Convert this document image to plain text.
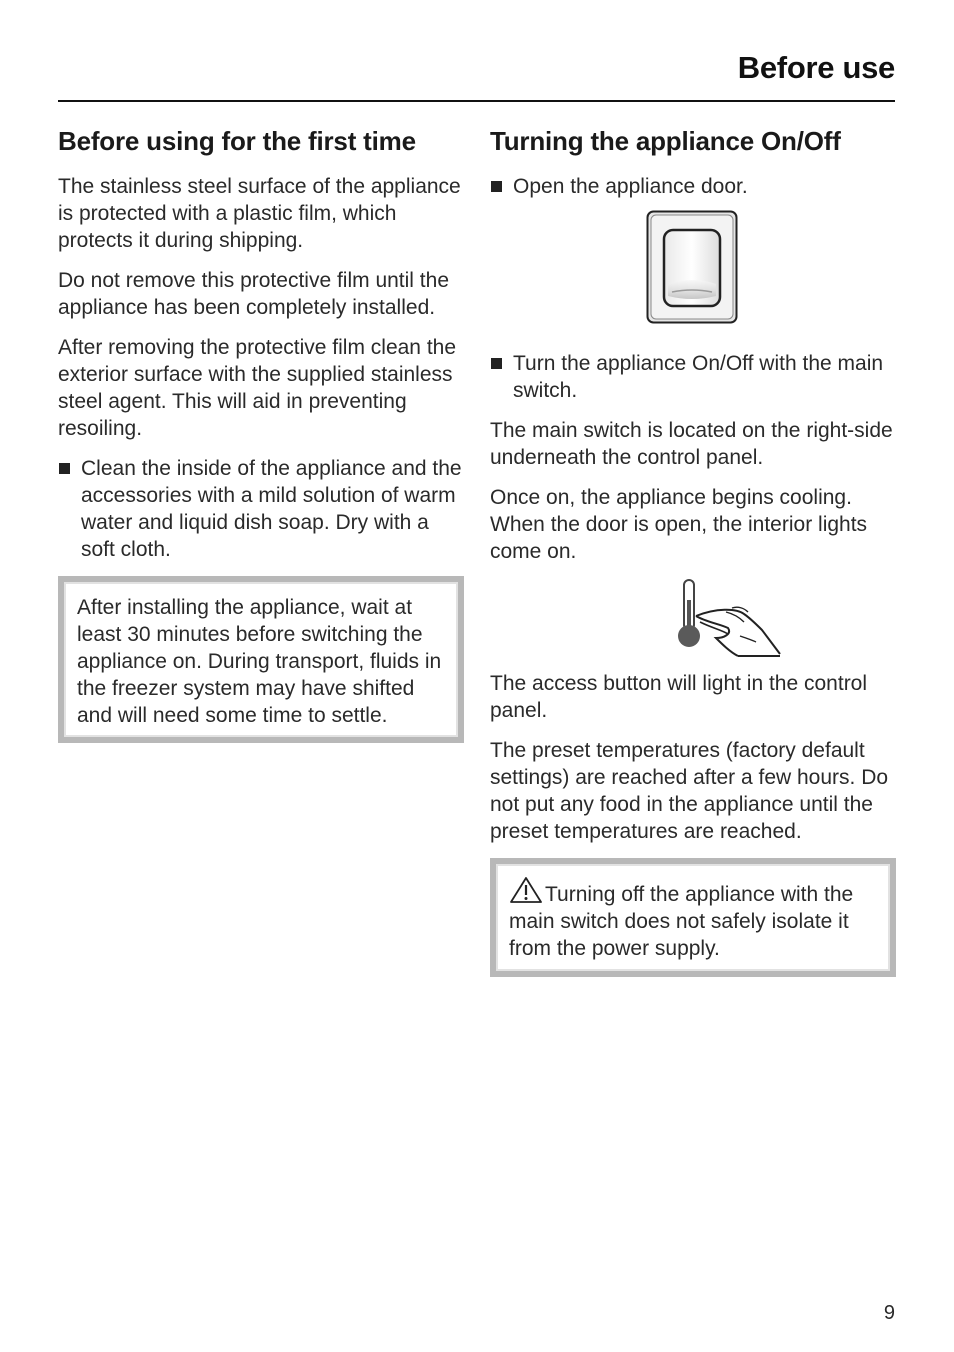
Before use
Before using for the first time

The stainless steel surface of the appliance is protected with a plastic film, which protects it during shipping.

Do not remove this protective film until the appliance has been completely installed.

After removing the protective film clean the exterior surface with the supplied stainless steel agent. This will aid in preventing resoiling.

Clean the inside of the appliance and the accessories with a mild solution of warm water and liquid dish soap. Dry with a soft cloth.

After installing the appliance, wait at least 30 minutes before switching the appliance on. During transport, fluids in the freezer system may have shifted and will need some time to settle.

Turning the appliance On/Off

Open the appliance door.

Turn the appliance On/Off with the main switch.

The main switch is located on the right-side underneath the control panel.

Once on, the appliance begins cooling. When the door is open, the interior lights come on.

The access button will light in the control panel.

The preset temperatures (factory default settings) are reached after a few hours. Do not put any food in the appliance until the preset temperatures are reached.

Turning off the appliance with the main switch does not safely isolate it from the power supply.

9
